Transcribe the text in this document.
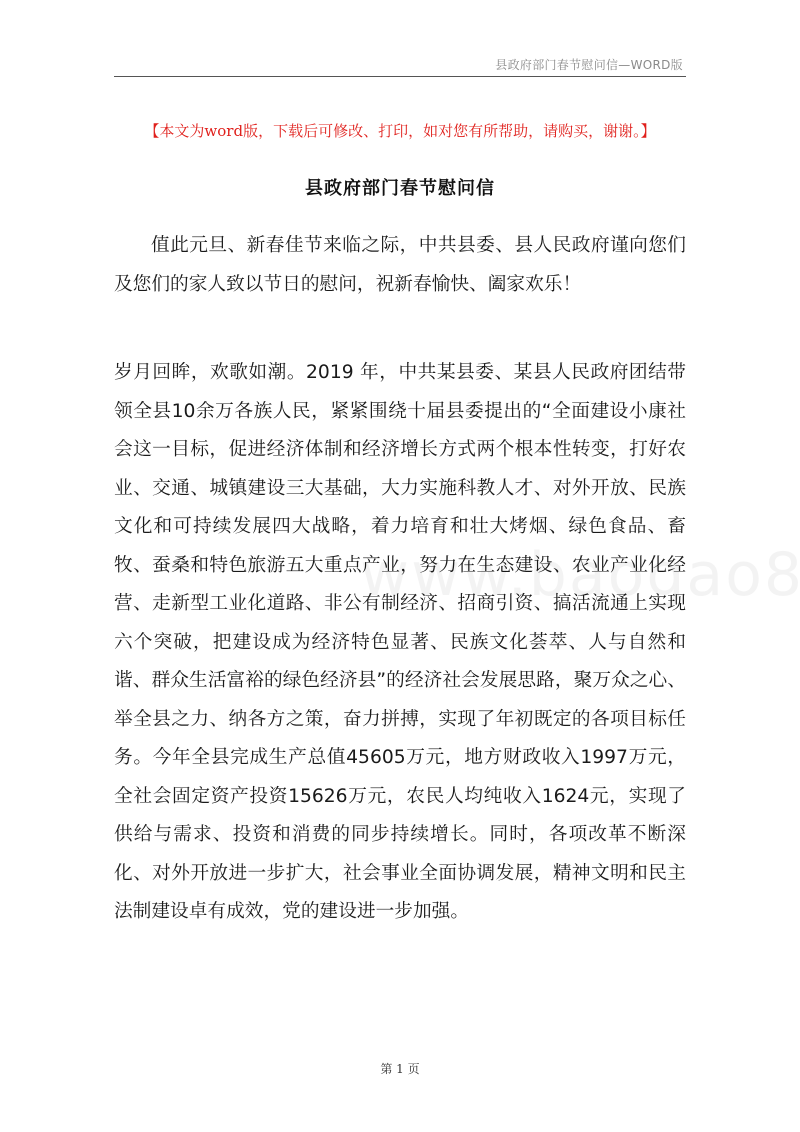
县政府部门春节慰问信—WORD版
【本文为word版，下载后可修改、打印，如对您有所帮助，请购买，谢谢。】
县政府部门春节慰问信
值此元旦、新春佳节来临之际，中共县委、县人民政府谨向您们及您们的家人致以节日的慰问，祝新春愉快、阖家欢乐！
岁月回眸，欢歌如潮。2019 年，中共某县委、某县人民政府团结带领全县10余万各族人民，紧紧围绕十届县委提出的“全面建设小康社会这一目标，促进经济体制和经济增长方式两个根本性转变，打好农业、交通、城镇建设三大基础，大力实施科教人才、对外开放、民族文化和可持续发展四大战略，着力培育和壮大烤烟、绿色食品、畜牧、蚕桑和特色旅游五大重点产业，努力在生态建设、农业产业化经营、走新型工业化道路、非公有制经济、招商引资、搞活流通上实现六个突破，把建设成为经济特色显著、民族文化荟萃、人与自然和谐、群众生活富裕的绿色经济县”的经济社会发展思路，聚万众之心、举全县之力、纳各方之策，奋力拼搏，实现了年初既定的各项目标任务。今年全县完成生产总值45605万元，地方财政收入1997万元，全社会固定资产投资15626万元，农民人均纯收入1624元，实现了供给与需求、投资和消费的同步持续增长。同时，各项改革不断深化、对外开放进一步扩大，社会事业全面协调发展，精神文明和民主法制建设卓有成效，党的建设进一步加强。
第 1 页
